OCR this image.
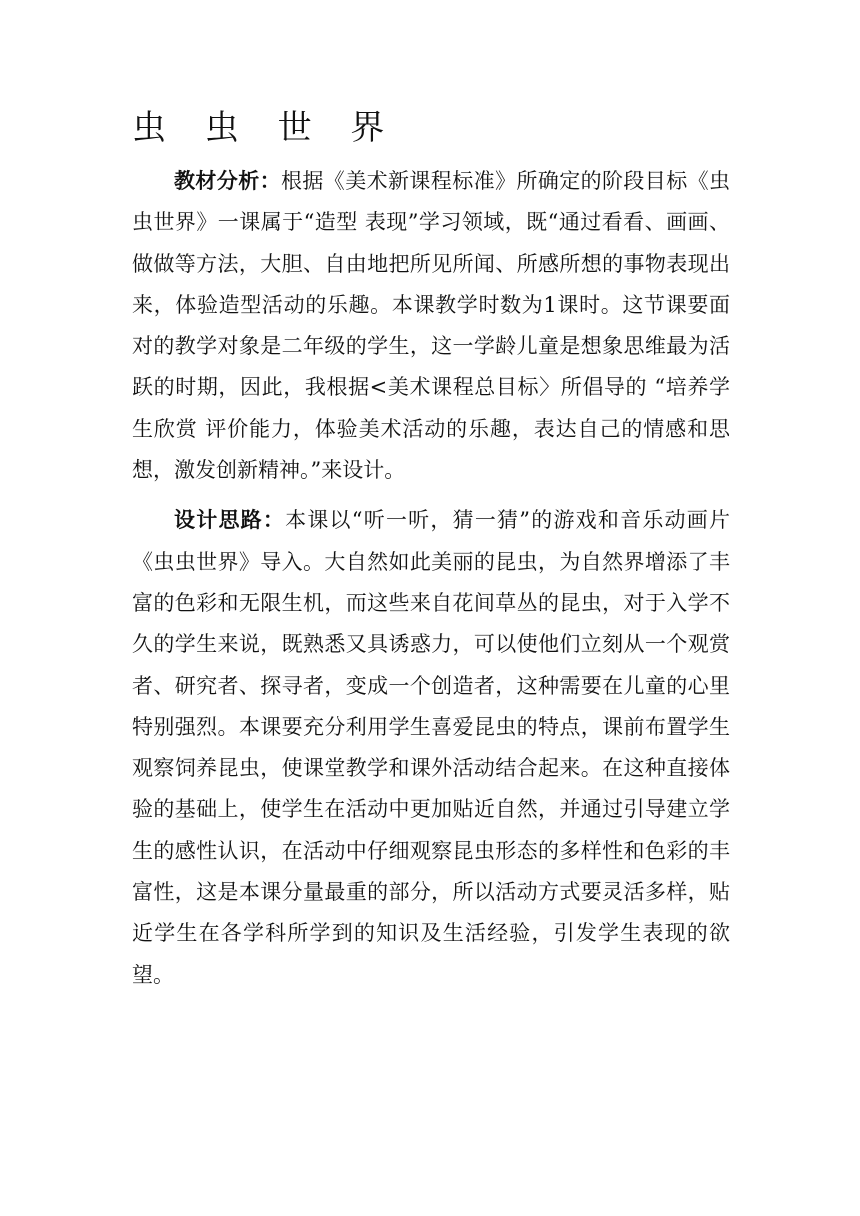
虫 虫 世 界

教材分析：根据《美术新课程标准》所确定的阶段目标《虫虫世界》一课属于“造型 表现”学习领域，既“通过看看、画画、做做等方法，大胆、自由地把所见所闻、所感所想的事物表现出来，体验造型活动的乐趣。本课教学时数为1课时。这节课要面对的教学对象是二年级的学生，这一学龄儿童是想象思维最为活跃的时期，因此，我根据<美术课程总目标〉所倡导的 “培养学生欣赏 评价能力，体验美术活动的乐趣，表达自己的情感和思想，激发创新精神。”来设计。

设计思路：本课以“听一听，猜一猜”的游戏和音乐动画片《虫虫世界》导入。大自然如此美丽的昆虫，为自然界增添了丰富的色彩和无限生机，而这些来自花间草丛的昆虫，对于入学不久的学生来说，既熟悉又具诱惑力，可以使他们立刻从一个观赏者、研究者、探寻者，变成一个创造者，这种需要在儿童的心里特别强烈。本课要充分利用学生喜爱昆虫的特点，课前布置学生观察饲养昆虫，使课堂教学和课外活动结合起来。在这种直接体验的基础上，使学生在活动中更加贴近自然，并通过引导建立学生的感性认识，在活动中仔细观察昆虫形态的多样性和色彩的丰富性，这是本课分量最重的部分，所以活动方式要灵活多样，贴近学生在各学科所学到的知识及生活经验，引发学生表现的欲望。
